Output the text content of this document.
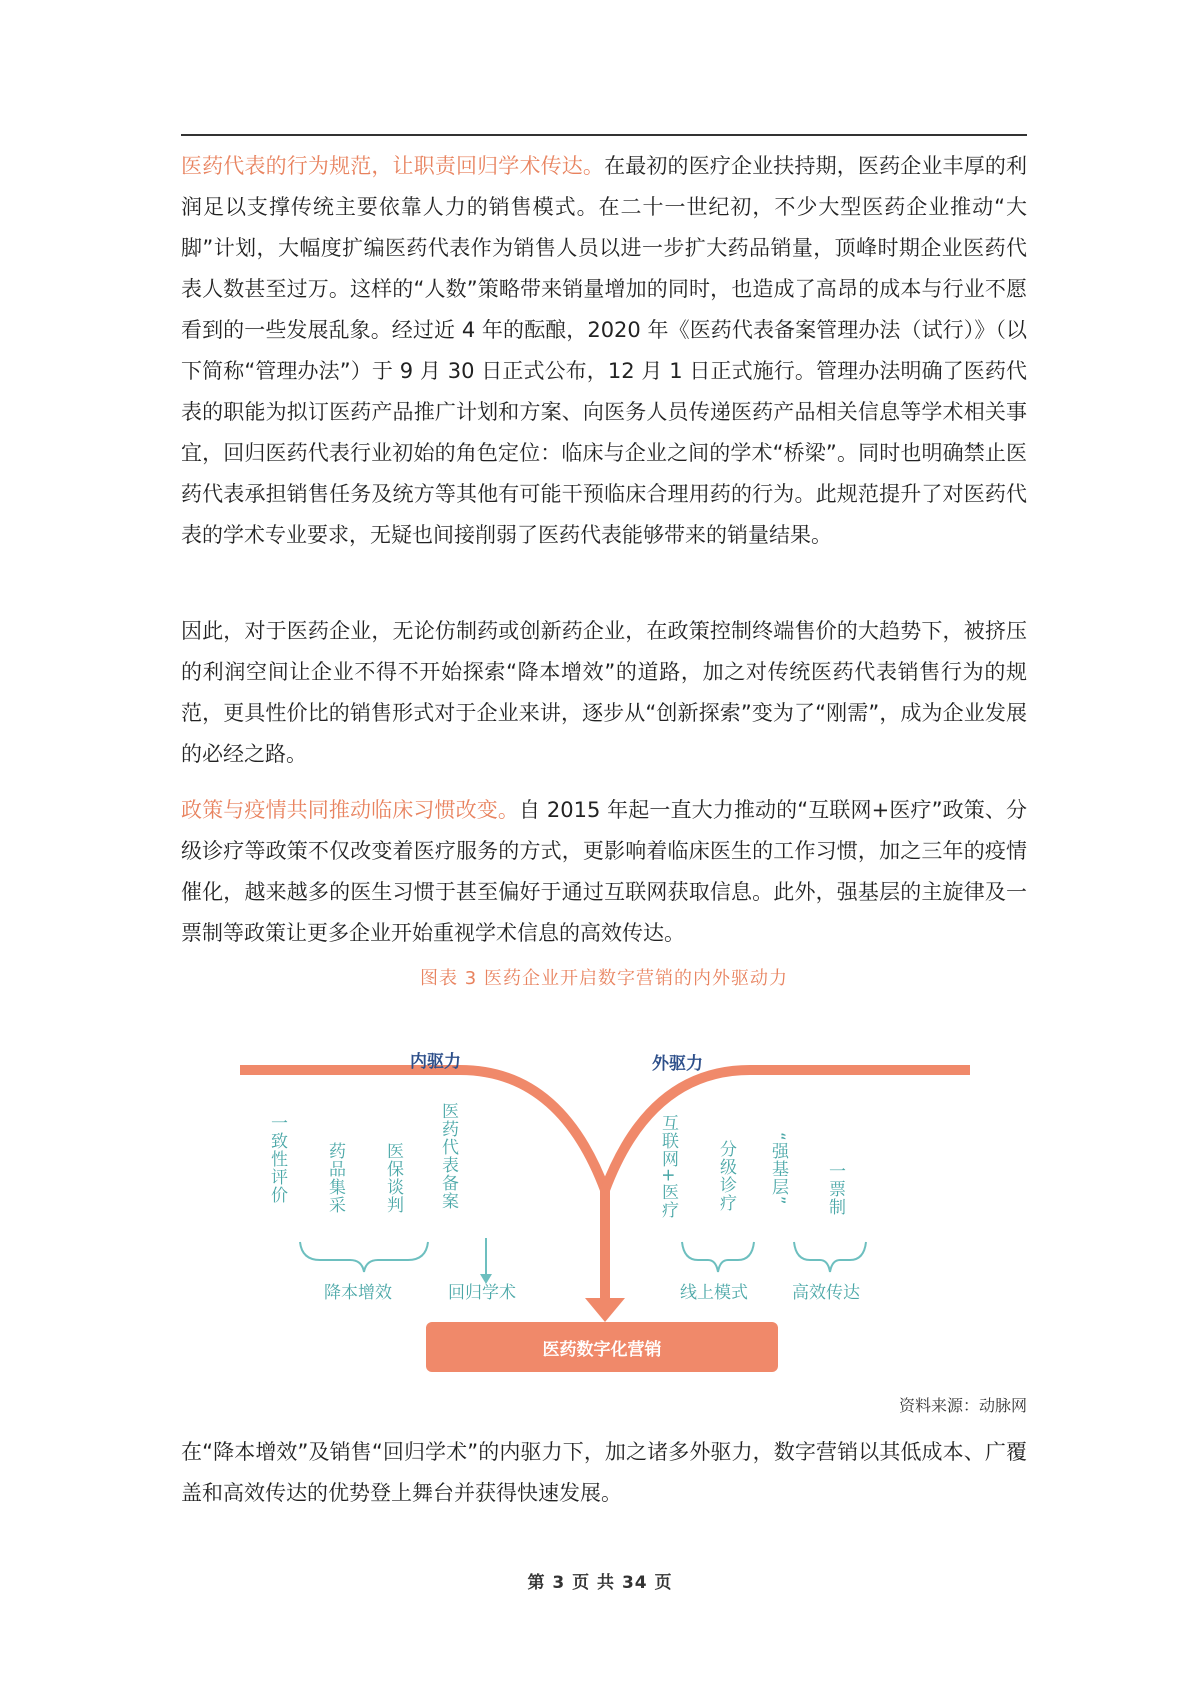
医药代表的行为规范，让职责回归学术传达。在最初的医疗企业扶持期，医药企业丰厚的利润足以支撑传统主要依靠人力的销售模式。在二十一世纪初，不少大型医药企业推动“大脚”计划，大幅度扩编医药代表作为销售人员以进一步扩大药品销量，顶峰时期企业医药代表人数甚至过万。这样的“人数”策略带来销量增加的同时，也造成了高昂的成本与行业不愿看到的一些发展乱象。经过近 4 年的酝酿，2020 年《医药代表备案管理办法（试行）》（以下简称“管理办法”）于 9 月 30 日正式公布，12 月 1 日正式施行。管理办法明确了医药代表的职能为拟订医药产品推广计划和方案、向医务人员传递医药产品相关信息等学术相关事宜，回归医药代表行业初始的角色定位：临床与企业之间的学术“桥梁”。同时也明确禁止医药代表承担销售任务及统方等其他有可能干预临床合理用药的行为。此规范提升了对医药代表的学术专业要求，无疑也间接削弱了医药代表能够带来的销量结果。
因此，对于医药企业，无论仿制药或创新药企业，在政策控制终端售价的大趋势下，被挤压的利润空间让企业不得不开始探索“降本增效”的道路，加之对传统医药代表销售行为的规范，更具性价比的销售形式对于企业来讲，逐步从“创新探索”变为了“刚需”，成为企业发展的必经之路。
政策与疫情共同推动临床习惯改变。自 2015 年起一直大力推动的“互联网+医疗”政策、分级诊疗等政策不仅改变着医疗服务的方式，更影响着临床医生的工作习惯，加之三年的疫情催化，越来越多的医生习惯于甚至偏好于通过互联网获取信息。此外，强基层的主旋律及一票制等政策让更多企业开始重视学术信息的高效传达。
图表 3 医药企业开启数字营销的内外驱动力
内驱力	外驱力
一致性评价 药品集采 医保谈判 医药代表备案	互联网+医疗 分级诊疗 “强基层” 一票制
降本增效	回归学术	线上模式	高效传达
医药数字化营销
资料来源：动脉网
在“降本增效”及销售“回归学术”的内驱力下，加之诸多外驱力，数字营销以其低成本、广覆盖和高效传达的优势登上舞台并获得快速发展。
第 3 页 共 34 页
